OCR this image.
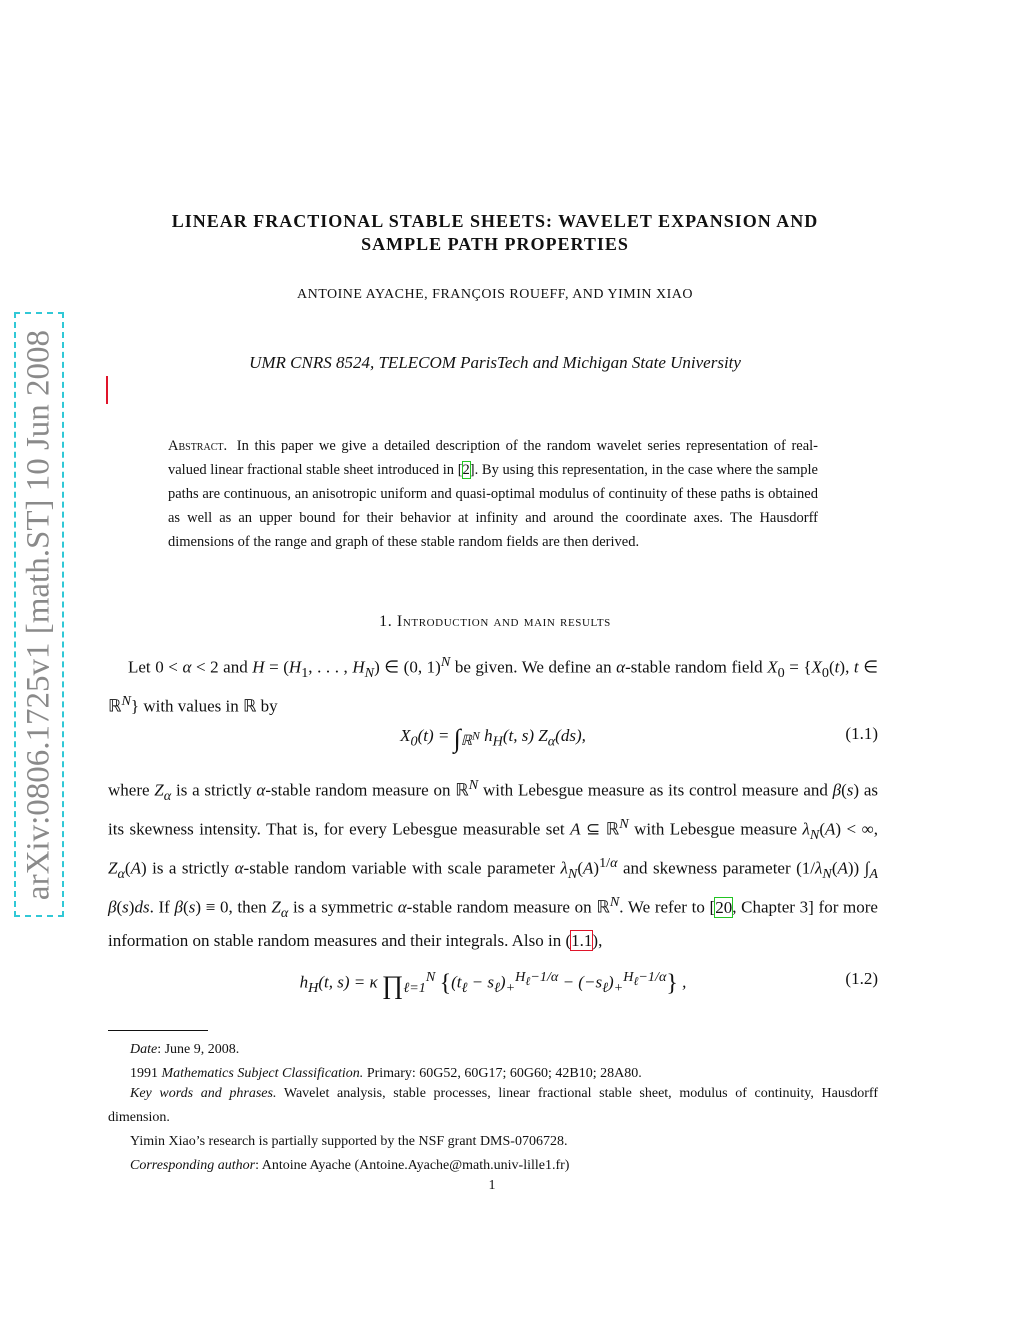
arXiv:0806.1725v1 [math.ST] 10 Jun 2008
LINEAR FRACTIONAL STABLE SHEETS: WAVELET EXPANSION AND
SAMPLE PATH PROPERTIES
ANTOINE AYACHE, FRANÇOIS ROUEFF, AND YIMIN XIAO
UMR CNRS 8524, TELECOM ParisTech and Michigan State University
Abstract. In this paper we give a detailed description of the random wavelet series representation of real-valued linear fractional stable sheet introduced in [2]. By using this representation, in the case where the sample paths are continuous, an anisotropic uniform and quasi-optimal modulus of continuity of these paths is obtained as well as an upper bound for their behavior at infinity and around the coordinate axes. The Hausdorff dimensions of the range and graph of these stable random fields are then derived.
1. Introduction and main results
Let 0 < α < 2 and $H = (H_1$, . . . , $H_N$) ∈ (0, 1)$^N$ be given. We define an α-stable random field $X_0 = \{X_0(t)$, t ∈ ℝ$^N$} with values in ℝ by
$X_0(t) = \int_{ℝ^N}$ $h_H(t$, s) $Z_\alpha(ds)$,	(1.1)
where $Z_\alpha$ is a strictly α-stable random measure on ℝ$^N$ with Lebesgue measure as its control measure and β(s) as its skewness intensity. That is, for every Lebesgue measurable set A ⊆ ℝ$^N$ with Lebesgue measure $\lambda_N(A)$ < ∞, $Z_\alpha(A)$ is a strictly α-stable random variable with scale parameter $\lambda_N(A)^{1/\alpha}$ and skewness parameter $(1/\lambda_N(A))$ $\int_A$ β(s)ds. If β(s) ≡ 0, then $Z_\alpha$ is a symmetric α-stable random measure on ℝ$^N$. We refer to [20, Chapter 3] for more information on stable random measures and their integrals. Also in (1.1),
$h_H(t$, s) = κ $\prod_{\ell=1}^N$ $\{(t_\ell - s_\ell)_+^{H_\ell-1/\alpha} - (-s_\ell)_+^{H_\ell-1/\alpha}\}$ ,	(1.2)
Date: June 9, 2008.
1991 Mathematics Subject Classification. Primary: 60G52, 60G17; 60G60; 42B10; 28A80.
Key words and phrases. Wavelet analysis, stable processes, linear fractional stable sheet, modulus of continuity, Hausdorff dimension.
Yimin Xiao’s research is partially supported by the NSF grant DMS-0706728.
Corresponding author: Antoine Ayache (Antoine.Ayache@math.univ-lille1.fr)
1
